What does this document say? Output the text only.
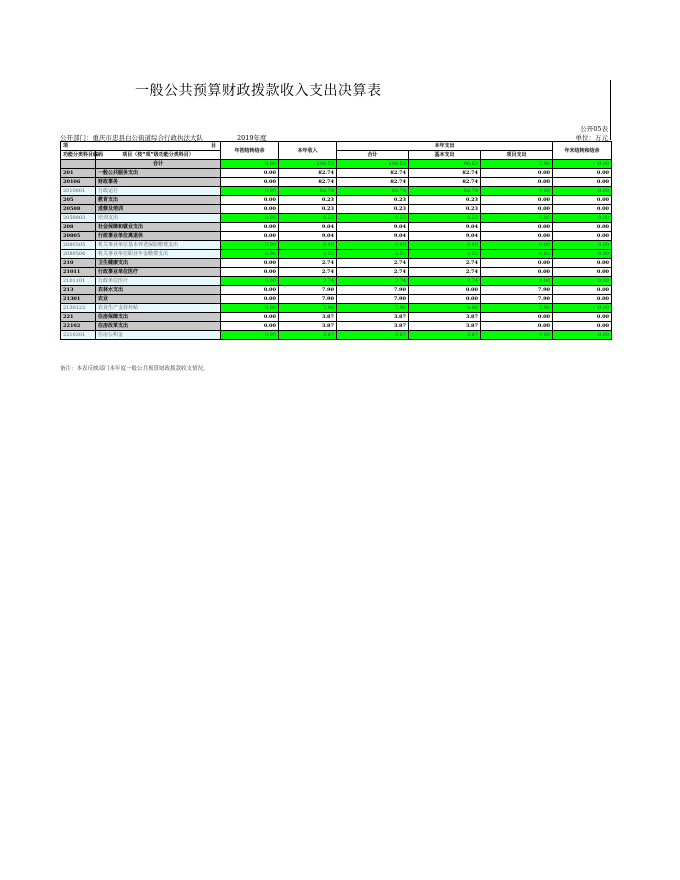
一般公共预算财政拨款收入支出决算表
公开05表
公开部门：重庆市忠县白公街道综合行政执法大队	2019年度	单位：万元
项 目		年初结转结余	本年收入	本年支出			年末结转和结余
功能分类科目编码	项目（按“项”级功能分类科目）			合计	基本支出	项目支出	
	合计	0.00	106.53	106.53	98.63	7.90	0.00
201	一般公共服务支出	0.00	82.74	82.74	82.74	0.00	0.00
20106	财政事务	0.00	82.74	82.74	82.74	0.00	0.00
2010601	行政运行	0.00	82.74	82.74	82.74	0.00	0.00
205	教育支出	0.00	0.23	0.23	0.23	0.00	0.00
20508	进修及培训	0.00	0.23	0.23	0.23	0.00	0.00
2050803	培训支出	0.00	0.23	0.23	0.23	0.00	0.00
208	社会保障和就业支出	0.00	9.04	9.04	9.04	0.00	0.00
20805	行政事业单位离退休	0.00	9.04	9.04	9.04	0.00	0.00
2080505	机关事业单位基本养老保险缴费支出	0.00	6.46	6.46	6.46	0.00	0.00
2080506	机关事业单位职业年金缴费支出	0.00	2.58	2.58	2.58	0.00	0.00
210	卫生健康支出	0.00	2.74	2.74	2.74	0.00	0.00
21011	行政事业单位医疗	0.00	2.74	2.74	2.74	0.00	0.00
2101101	行政单位医疗	0.00	2.74	2.74	2.74	0.00	0.00
213	农林水支出	0.00	7.90	7.90	0.00	7.90	0.00
21301	农业	0.00	7.90	7.90	0.00	7.90	0.00
2130122	农业生产支持补贴	0.00	7.90	7.90	0.00	7.90	0.00
221	住房保障支出	0.00	3.87	3.87	3.87	0.00	0.00
22102	住房改革支出	0.00	3.87	3.87	3.87	0.00	0.00
2210201	住房公积金	0.00	3.87	3.87	3.87	0.00	0.00
备注：本表反映部门本年度一般公共预算财政拨款收支情况。
